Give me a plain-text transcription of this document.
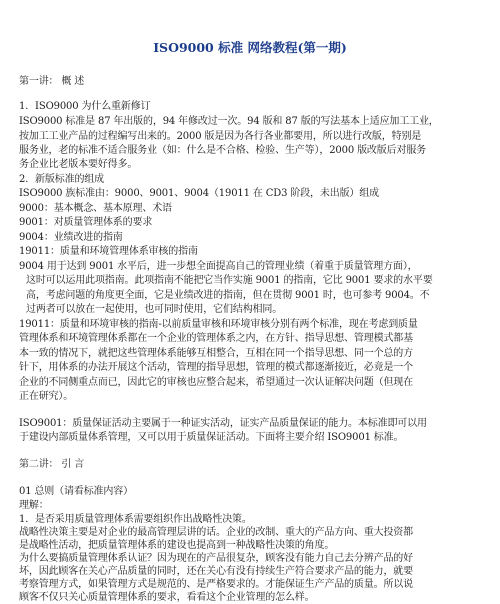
ISO9000 标准 网络教程(第一期)
第一讲： 概 述
1．ISO9000 为什么重新修订
ISO9000 标准是 87 年出版的，94 年修改过一次。94 版和 87 版的写法基本上适应加工工业，
按加工工业产品的过程编写出来的。2000 版是因为各行各业都要用，所以进行改版，特别是
服务业，老的标准不适合服务业（如：什么是不合格、检验、生产等），2000 版改版后对服务
务企业比老版本要好得多。
2．新版标准的组成
ISO9000 族标准由：9000、9001、9004（19011 在 CD3 阶段，未出版）组成
9000：基本概念、基本原理、术语
9001：对质量管理体系的要求
9004：业绩改进的指南
19011：质量和环境管理体系审核的指南
9004 用于达到 9001 水平后，进一步想全面提高自己的管理业绩（着重于质量管理方面），
这时可以运用此项指南。此项指南不能把它当作实施 9001 的指南，它比 9001 要求的水平要
高，考虑问题的角度更全面，它是业绩改进的指南，但在贯彻 9001 时，也可参考 9004。不
过两者可以放在一起使用，也可同时使用，它们结构相同。
19011：质量和环境审核的指南-以前质量审核和环境审核分别有两个标准，现在考虑到质量
管理体系和环境管理体系都在一个企业的管理体系之内，在方针、指导思想、管理模式都基
本一致的情况下，就把这些管理体系能够互相整合，互相在同一个指导思想、同一个总的方
针下，用体系的办法开展这个活动，管理的指导思想，管理的模式都逐渐接近，必竟是一个
企业的不同侧重点而已，因此它的审核也应整合起来，希望通过一次认证解决问题（但现在
正在研究）。
ISO9001：质量保证活动主要属于一种证实活动，证实产品质量保证的能力。本标准即可以用
于建设内部质量体系管理，又可以用于质量保证活动。下面将主要介绍 ISO9001 标准。
第二讲： 引 言
01 总则（请看标准内容）
理解：
1．是否采用质量管理体系需要组织作出战略性决策。
战略性决策主要是对企业的最高管理层讲的话。企业的改制、重大的产品方向、重大投资都
是战略性活动，把质量管理体系的建设也提高到一种战略性决策的角度。
为什么要搞质量管理体系认证？因为现在的产品很复杂，顾客没有能力自己去分辨产品的好
坏，因此顾客在关心产品质量的同时，还在关心有没有持续生产符合要求产品的能力，就要
考察管理方式，如果管理方式是规范的、是严格要求的。才能保证生产产品的质量。所以说
顾客不仅只关心质量管理体系的要求，看看这个企业管理的怎么样。
